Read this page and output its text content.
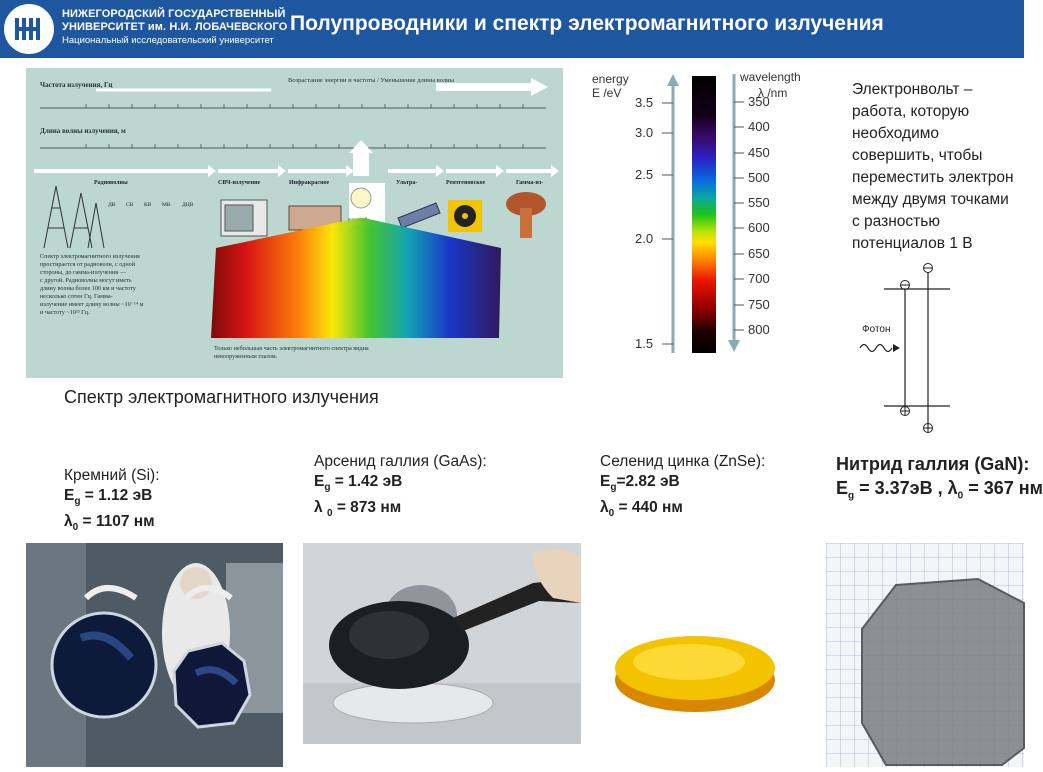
НИЖЕГОРОДСКИЙ ГОСУДАРСТВЕННЫЙ
УНИВЕРСИТЕТ им. Н.И. ЛОБАЧЕВСКОГО
Национальный исследовательский университет
Полупроводники и спектр электромагнитного излучения
Частота излучения, Гц
Возрастание энергии и частоты / Уменьшение длины волны
Длина волны излучения, м
Радиоволны	СВЧ-излучение	Инфракрасное	Ультра-	Рентгеновское	Гамма-из-
ДВ СВ КВ МВ ДЦВ
Спектр электромагнитного излучения простирается от радиоволн, с одной стороны, до гамма-излучения — с другой. Радиоволны могут иметь длину волны более 100 км и частоту несколько сотен Гц. Гамма- излучение имеет длину волны ~10⁻¹⁴ м и частоту ~10²³ Гц.
Только небольшая часть электромагнитного спектра видна невооруженным глазом.
Спектр электромагнитного излучения
energy
E /eV
wavelength
λ /nm
3.5
3.0
2.5
2.0
1.5
350
400
450
500
550
600
650
700
750
800
Электронвольт –
работа, которую
необходимо
совершить, чтобы
переместить электрон
между двумя точками
с разностью
потенциалов 1 В
Фотон
Кремний (Si):
$E_g = 1.12$ эВ
$\lambda_0 = 1107$ нм
Арсенид галлия (GaAs):
$E_g = 1.42$ эВ
λ $_0$ = 873 нм
Селенид цинка (ZnSe):
$E_g=2.82$ эВ
$\lambda_0 = 440$ нм
Нитрид галлия (GaN):
$E_g = 3.37эВ$ , $\lambda_0 = 367$ нм
